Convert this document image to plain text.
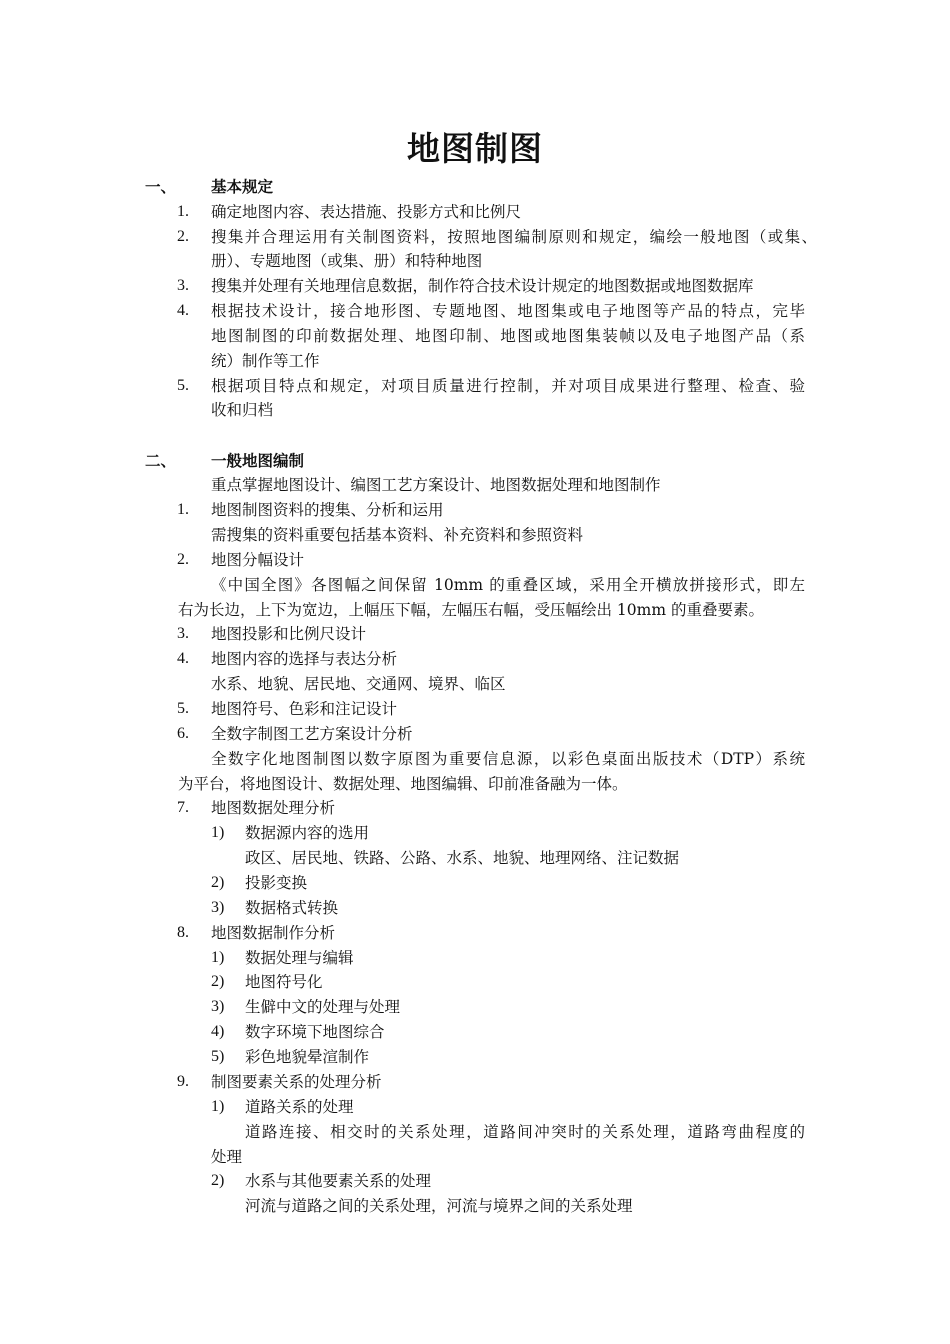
地图制图
一、 基本规定
1. 确定地图内容、表达措施、投影方式和比例尺
2. 搜集并合理运用有关制图资料，按照地图编制原则和规定，编绘一般地图（或集、
册）、专题地图（或集、册）和特种地图
3. 搜集并处理有关地理信息数据，制作符合技术设计规定的地图数据或地图数据库
4. 根据技术设计，接合地形图、专题地图、地图集或电子地图等产品的特点，完毕
地图制图的印前数据处理、地图印制、地图或地图集装帧以及电子地图产品（系
统）制作等工作
5. 根据项目特点和规定，对项目质量进行控制，并对项目成果进行整理、检查、验
收和归档
二、 一般地图编制
重点掌握地图设计、编图工艺方案设计、地图数据处理和地图制作
1. 地图制图资料的搜集、分析和运用
需搜集的资料重要包括基本资料、补充资料和参照资料
2. 地图分幅设计
《中国全图》各图幅之间保留 10mm 的重叠区域，采用全开横放拼接形式，即左
右为长边，上下为宽边，上幅压下幅，左幅压右幅，受压幅绘出 10mm 的重叠要素。
3. 地图投影和比例尺设计
4. 地图内容的选择与表达分析
水系、地貌、居民地、交通网、境界、临区
5. 地图符号、色彩和注记设计
6. 全数字制图工艺方案设计分析
全数字化地图制图以数字原图为重要信息源，以彩色桌面出版技术（DTP）系统
为平台，将地图设计、数据处理、地图编辑、印前准备融为一体。
7. 地图数据处理分析
1) 数据源内容的选用
政区、居民地、铁路、公路、水系、地貌、地理网络、注记数据
2) 投影变换
3) 数据格式转换
8. 地图数据制作分析
1) 数据处理与编辑
2) 地图符号化
3) 生僻中文的处理与处理
4) 数字环境下地图综合
5) 彩色地貌晕渲制作
9. 制图要素关系的处理分析
1) 道路关系的处理
道路连接、相交时的关系处理，道路间冲突时的关系处理，道路弯曲程度的
处理
2) 水系与其他要素关系的处理
河流与道路之间的关系处理，河流与境界之间的关系处理
